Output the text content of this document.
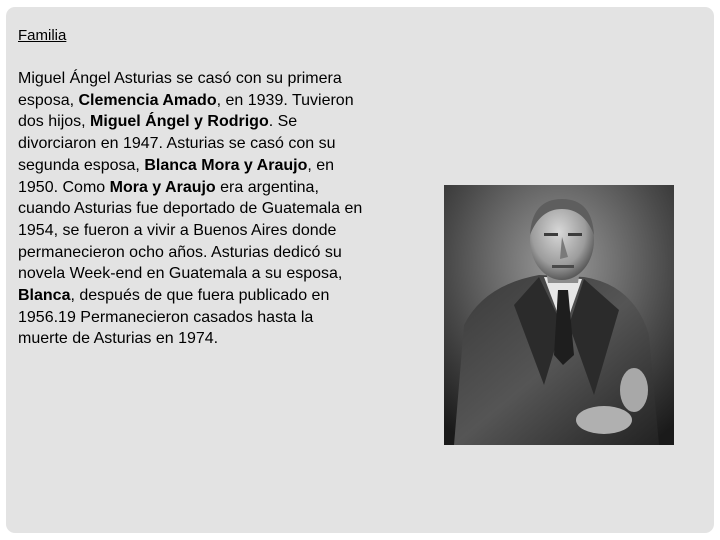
Familia

Miguel Ángel Asturias se casó con su primera esposa, Clemencia Amado, en 1939. Tuvieron dos hijos, Miguel Ángel y Rodrigo. Se divorciaron en 1947. Asturias se casó con su segunda esposa, Blanca Mora y Araujo, en 1950. Como Mora y Araujo era argentina, cuando Asturias fue deportado de Guatemala en 1954, se fueron a vivir a Buenos Aires donde permanecieron ocho años. Asturias dedicó su novela Week-end en Guatemala a su esposa, Blanca, después de que fuera publicado en 1956.19 Permanecieron casados hasta la muerte de Asturias en 1974.
